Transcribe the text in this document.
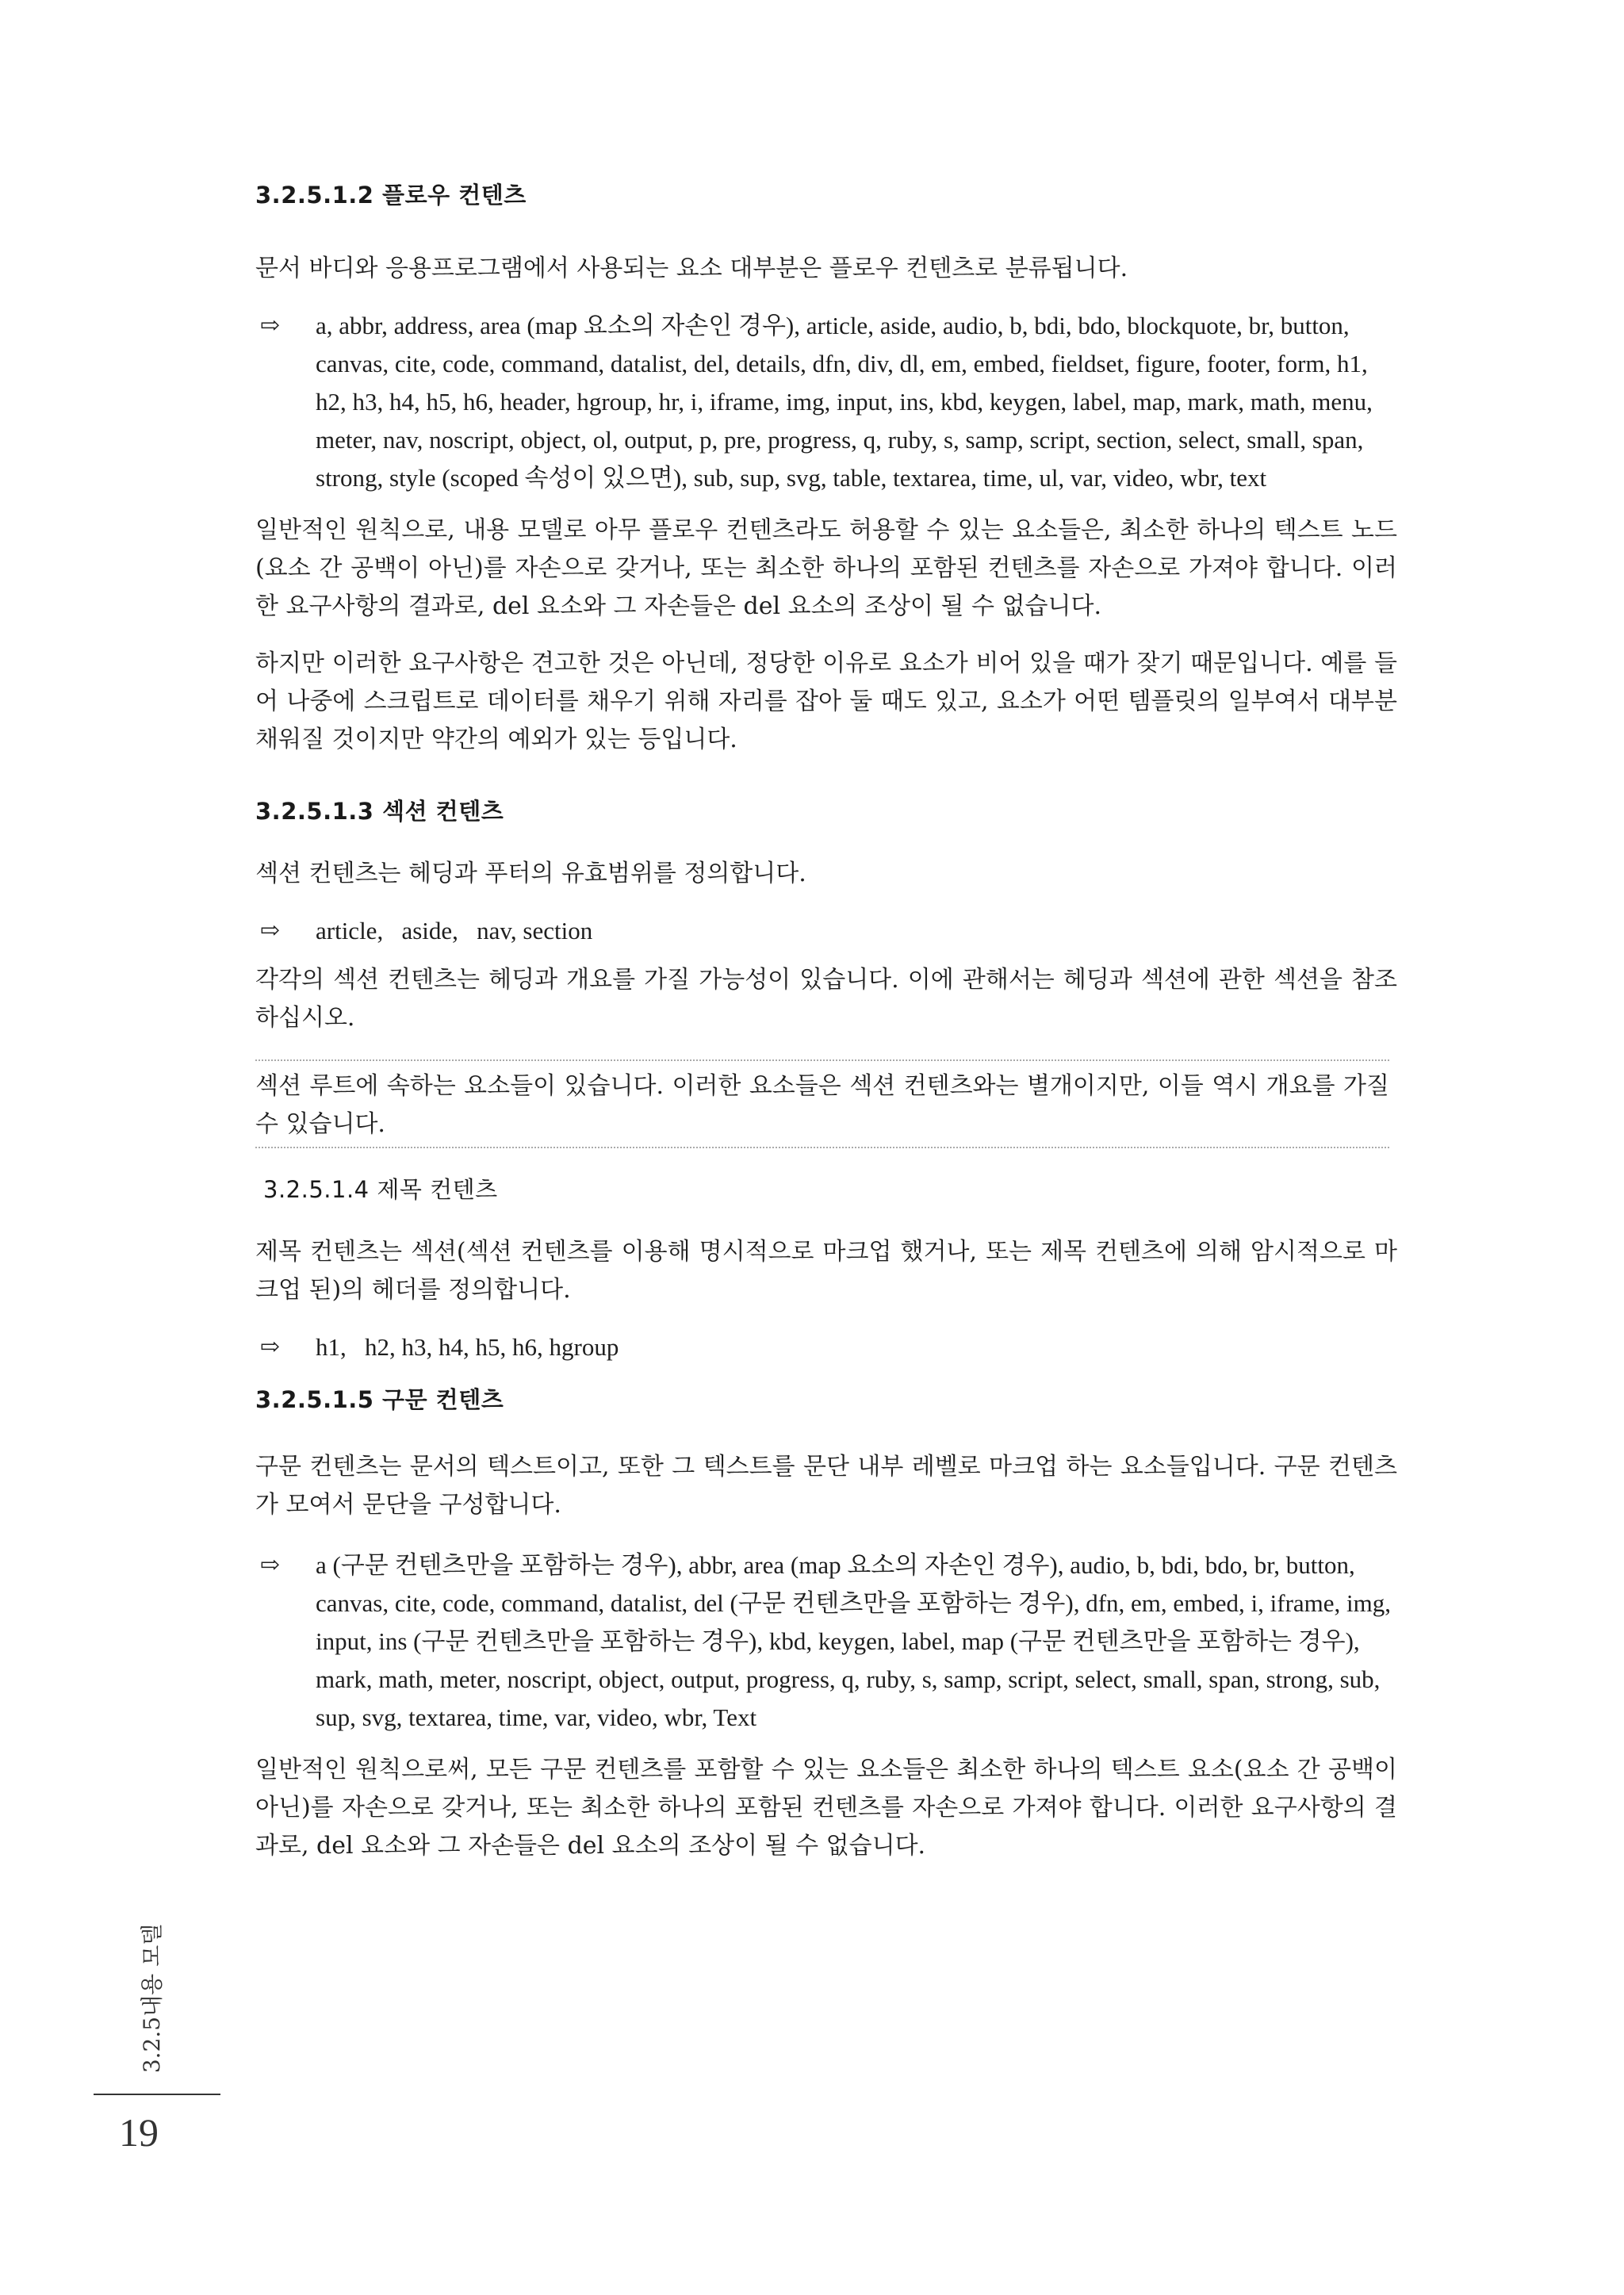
3.2.5.1.2 플로우 컨텐츠

문서 바디와 응용프로그램에서 사용되는 요소 대부분은 플로우 컨텐츠로 분류됩니다.

⇨	a, abbr, address, area (map 요소의 자손인 경우), article, aside, audio, b, bdi, bdo, blockquote, br, button, canvas, cite, code, command, datalist, del, details, dfn, div, dl, em, embed, fieldset, figure, footer, form, h1, h2, h3, h4, h5, h6, header, hgroup, hr, i, iframe, img, input, ins, kbd, keygen, label, map, mark, math, menu, meter, nav, noscript, object, ol, output, p, pre, progress, q, ruby, s, samp, script, section, select, small, span, strong, style (scoped 속성이 있으면), sub, sup, svg, table, textarea, time, ul, var, video, wbr, text

일반적인 원칙으로, 내용 모델로 아무 플로우 컨텐츠라도 허용할 수 있는 요소들은, 최소한 하나의 텍스트 노드(요소 간 공백이 아닌)를 자손으로 갖거나, 또는 최소한 하나의 포함된 컨텐츠를 자손으로 가져야 합니다. 이러한 요구사항의 결과로, del 요소와 그 자손들은 del 요소의 조상이 될 수 없습니다.

하지만 이러한 요구사항은 견고한 것은 아닌데, 정당한 이유로 요소가 비어 있을 때가 잦기 때문입니다. 예를 들어 나중에 스크립트로 데이터를 채우기 위해 자리를 잡아 둘 때도 있고, 요소가 어떤 템플릿의 일부여서 대부분 채워질 것이지만 약간의 예외가 있는 등입니다.

3.2.5.1.3 섹션 컨텐츠

섹션 컨텐츠는 헤딩과 푸터의 유효범위를 정의합니다.

⇨	article,   aside,   nav, section

각각의 섹션 컨텐츠는 헤딩과 개요를 가질 가능성이 있습니다. 이에 관해서는 헤딩과 섹션에 관한 섹션을 참조하십시오.

섹션 루트에 속하는 요소들이 있습니다. 이러한 요소들은 섹션 컨텐츠와는 별개이지만, 이들 역시 개요를 가질 수 있습니다.

3.2.5.1.4 제목 컨텐츠

제목 컨텐츠는 섹션(섹션 컨텐츠를 이용해 명시적으로 마크업 했거나, 또는 제목 컨텐츠에 의해 암시적으로 마크업 된)의 헤더를 정의합니다.

⇨	h1,   h2, h3, h4, h5, h6, hgroup
3.2.5.1.5 구문 컨텐츠

구문 컨텐츠는 문서의 텍스트이고, 또한 그 텍스트를 문단 내부 레벨로 마크업 하는 요소들입니다. 구문 컨텐츠가 모여서 문단을 구성합니다.

⇨	a (구문 컨텐츠만을 포함하는 경우), abbr, area (map 요소의 자손인 경우), audio, b, bdi, bdo, br, button, canvas, cite, code, command, datalist, del (구문 컨텐츠만을 포함하는 경우), dfn, em, embed, i, iframe, img, input, ins (구문 컨텐츠만을 포함하는 경우), kbd, keygen, label, map (구문 컨텐츠만을 포함하는 경우), mark, math, meter, noscript, object, output, progress, q, ruby, s, samp, script, select, small, span, strong, sub, sup, svg, textarea, time, var, video, wbr, Text

일반적인 원칙으로써, 모든 구문 컨텐츠를 포함할 수 있는 요소들은 최소한 하나의 텍스트 요소(요소 간 공백이 아닌)를 자손으로 갖거나, 또는 최소한 하나의 포함된 컨텐츠를 자손으로 가져야 합니다. 이러한 요구사항의 결과로, del 요소와 그 자손들은 del 요소의 조상이 될 수 없습니다.

3.2.5내용 모델
19
